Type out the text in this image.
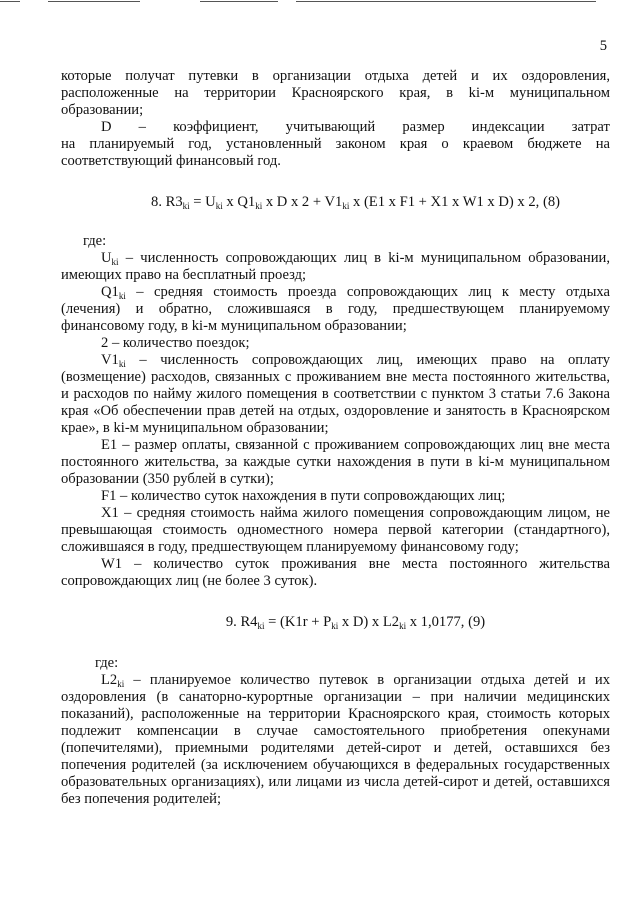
5

которые получат путевки в организации отдыха детей и их оздоровления, расположенные на территории Красноярского края, в ki-м муниципальном образовании;

D – коэффициент, учитывающий размер индексации затрат

на планируемый год, установленный законом края о краевом бюджете на соответствующий финансовый год.

8. $R3_{ki} = U_{ki}$ x $Q1_{ki}$ x D x $2 + V1_{ki}$ x (E1 x F1 + X1 x W1 x D) x 2, (8)

где:

$U_{ki}$ – численность сопровождающих лиц в ki-м муниципальном образовании, имеющих право на бесплатный проезд;

$Q1_{ki}$ – средняя стоимость проезда сопровождающих лиц к месту отдыха (лечения) и обратно, сложившаяся в году, предшествующем планируемому финансовому году, в ki-м муниципальном образовании;

2 – количество поездок;

$V1_{ki}$ – численность сопровождающих лиц, имеющих право на оплату (возмещение) расходов, связанных с проживанием вне места постоянного жительства, и расходов по найму жилого помещения в соответствии с пунктом 3 статьи 7.6 Закона края «Об обеспечении прав детей на отдых, оздоровление и занятость в Красноярском крае», в ki-м муниципальном образовании;

E1 – размер оплаты, связанной с проживанием сопровождающих лиц вне места постоянного жительства, за каждые сутки нахождения в пути в ki-м муниципальном образовании (350 рублей в сутки);

F1 – количество суток нахождения в пути сопровождающих лиц;

X1 – средняя стоимость найма жилого помещения сопровождающим лицом, не превышающая стоимость одноместного номера первой категории (стандартного), сложившаяся в году, предшествующем планируемому финансовому году;

W1 – количество суток проживания вне места постоянного жительства сопровождающих лиц (не более 3 суток).

9. $R4_{ki} = (K1r + P_{ki}$ x D) x $L2_{ki}$ x 1,0177, (9)

где:

$L2_{ki}$ – планируемое количество путевок в организации отдыха детей и их оздоровления (в санаторно-курортные организации – при наличии медицинских показаний), расположенные на территории Красноярского края, стоимость которых подлежит компенсации в случае самостоятельного приобретения опекунами (попечителями), приемными родителями детей-сирот и детей, оставшихся без попечения родителей (за исключением обучающихся в федеральных государственных образовательных организациях), или лицами из числа детей-сирот и детей, оставшихся без попечения родителей;
